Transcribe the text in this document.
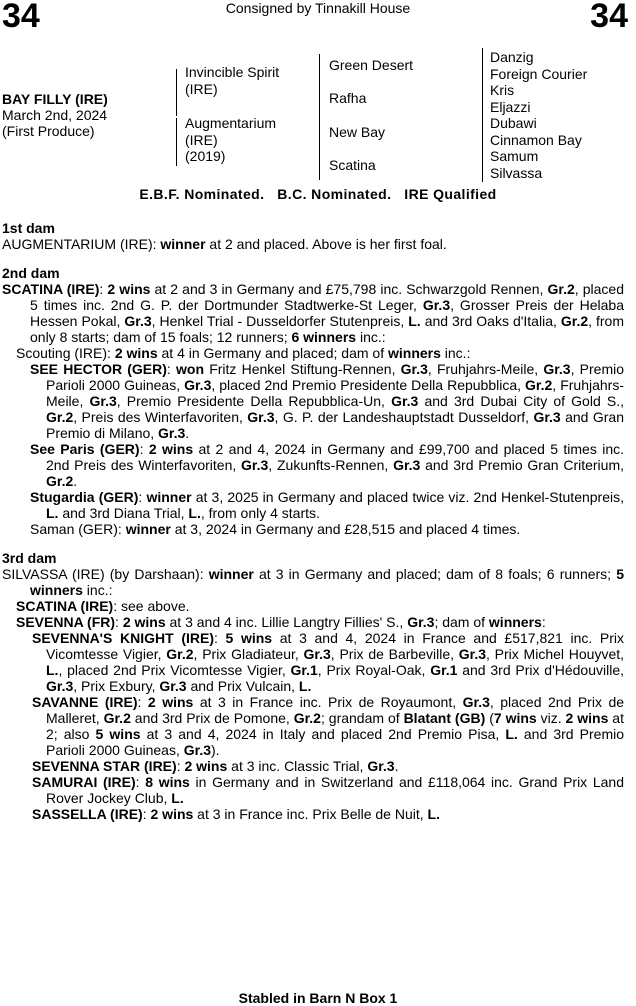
34	Consigned by Tinnakill House	34
BAY FILLY (IRE)
March 2nd, 2024
(First Produce)
Invincible Spirit
(IRE)
Augmentarium
(IRE)
(2019)
Green Desert
Rafha
New Bay
Scatina
Danzig
Foreign Courier
Kris
Eljazzi
Dubawi
Cinnamon Bay
Samum
Silvassa
E.B.F. Nominated.   B.C. Nominated.   IRE Qualified
1st dam
AUGMENTARIUM (IRE): winner at 2 and placed. Above is her first foal.
2nd dam
SCATINA (IRE): 2 wins at 2 and 3 in Germany and £75,798 inc. Schwarzgold Rennen, Gr.2, placed 5 times inc. 2nd G. P. der Dortmunder Stadtwerke-St Leger, Gr.3, Grosser Preis der Helaba Hessen Pokal, Gr.3, Henkel Trial - Dusseldorfer Stutenpreis, L. and 3rd Oaks d'Italia, Gr.2, from only 8 starts; dam of 15 foals; 12 runners; 6 winners inc.:
Scouting (IRE): 2 wins at 4 in Germany and placed; dam of winners inc.:
SEE HECTOR (GER): won Fritz Henkel Stiftung-Rennen, Gr.3, Fruhjahrs-Meile, Gr.3, Premio Parioli 2000 Guineas, Gr.3, placed 2nd Premio Presidente Della Repubblica, Gr.2, Fruhjahrs-Meile, Gr.3, Premio Presidente Della Repubblica-Un, Gr.3 and 3rd Dubai City of Gold S., Gr.2, Preis des Winterfavoriten, Gr.3, G. P. der Landeshauptstadt Dusseldorf, Gr.3 and Gran Premio di Milano, Gr.3.
See Paris (GER): 2 wins at 2 and 4, 2024 in Germany and £99,700 and placed 5 times inc. 2nd Preis des Winterfavoriten, Gr.3, Zukunfts-Rennen, Gr.3 and 3rd Premio Gran Criterium, Gr.2.
Stugardia (GER): winner at 3, 2025 in Germany and placed twice viz. 2nd Henkel-Stutenpreis, L. and 3rd Diana Trial, L., from only 4 starts.
Saman (GER): winner at 3, 2024 in Germany and £28,515 and placed 4 times.
3rd dam
SILVASSA (IRE) (by Darshaan): winner at 3 in Germany and placed; dam of 8 foals; 6 runners; 5 winners inc.:
SCATINA (IRE): see above.
SEVENNA (FR): 2 wins at 3 and 4 inc. Lillie Langtry Fillies' S., Gr.3; dam of winners:
SEVENNA'S KNIGHT (IRE): 5 wins at 3 and 4, 2024 in France and £517,821 inc. Prix Vicomtesse Vigier, Gr.2, Prix Gladiateur, Gr.3, Prix de Barbeville, Gr.3, Prix Michel Houyvet, L., placed 2nd Prix Vicomtesse Vigier, Gr.1, Prix Royal-Oak, Gr.1 and 3rd Prix d'Hédouville, Gr.3, Prix Exbury, Gr.3 and Prix Vulcain, L.
SAVANNE (IRE): 2 wins at 3 in France inc. Prix de Royaumont, Gr.3, placed 2nd Prix de Malleret, Gr.2 and 3rd Prix de Pomone, Gr.2; grandam of Blatant (GB) (7 wins viz. 2 wins at 2; also 5 wins at 3 and 4, 2024 in Italy and placed 2nd Premio Pisa, L. and 3rd Premio Parioli 2000 Guineas, Gr.3).
SEVENNA STAR (IRE): 2 wins at 3 inc. Classic Trial, Gr.3.
SAMURAI (IRE): 8 wins in Germany and in Switzerland and £118,064 inc. Grand Prix Land Rover Jockey Club, L.
SASSELLA (IRE): 2 wins at 3 in France inc. Prix Belle de Nuit, L.
Stabled in Barn N Box 1
